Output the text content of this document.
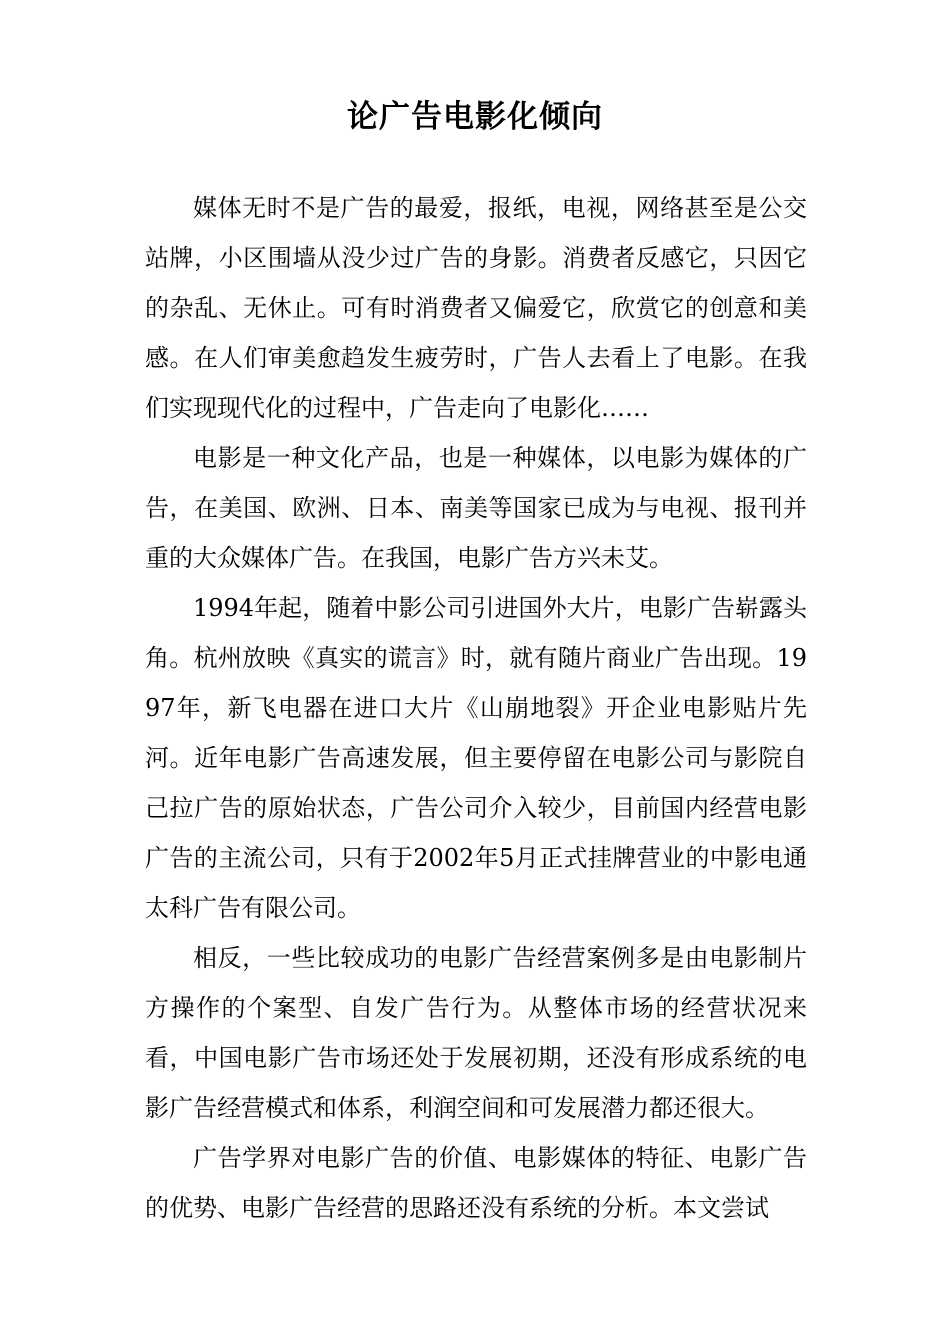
论广告电影化倾向

媒体无时不是广告的最爱，报纸，电视，网络甚至是公交站牌，小区围墙从没少过广告的身影。消费者反感它，只因它的杂乱、无休止。可有时消费者又偏爱它，欣赏它的创意和美感。在人们审美愈趋发生疲劳时，广告人去看上了电影。在我们实现现代化的过程中，广告走向了电影化……

电影是一种文化产品，也是一种媒体，以电影为媒体的广告，在美国、欧洲、日本、南美等国家已成为与电视、报刊并重的大众媒体广告。在我国，电影广告方兴未艾。

1994年起，随着中影公司引进国外大片，电影广告崭露头角。杭州放映《真实的谎言》时，就有随片商业广告出现。1997年，新飞电器在进口大片《山崩地裂》开企业电影贴片先河。近年电影广告高速发展，但主要停留在电影公司与影院自己拉广告的原始状态，广告公司介入较少，目前国内经营电影广告的主流公司，只有于2002年5月正式挂牌营业的中影电通太科广告有限公司。

相反，一些比较成功的电影广告经营案例多是由电影制片方操作的个案型、自发广告行为。从整体市场的经营状况来看，中国电影广告市场还处于发展初期，还没有形成系统的电影广告经营模式和体系，利润空间和可发展潜力都还很大。

广告学界对电影广告的价值、电影媒体的特征、电影广告的优势、电影广告经营的思路还没有系统的分析。本文尝试
